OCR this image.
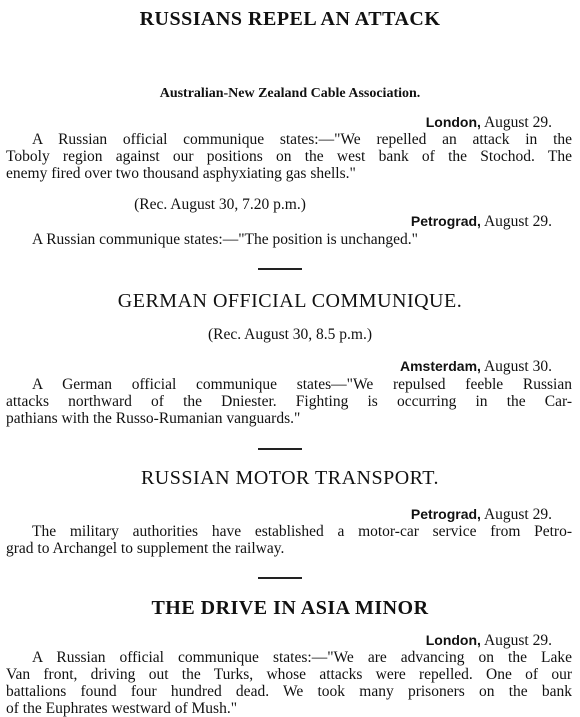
RUSSIANS REPEL AN ATTACK
Australian-New Zealand Cable Association.
London, August 29.
A Russian official communique states:—"We repelled an attack in the
Toboly region against our positions on the west bank of the Stochod. The
enemy fired over two thousand asphyxiating gas shells."
(Rec. August 30, 7.20 p.m.)
Petrograd, August 29.
A Russian communique states:—"The position is unchanged."
GERMAN OFFICIAL COMMUNIQUE.
(Rec. August 30, 8.5 p.m.)
Amsterdam, August 30.
A German official communique states—"We repulsed feeble Russian
attacks northward of the Dniester. Fighting is occurring in the Car-
pathians with the Russo-Rumanian vanguards."
RUSSIAN MOTOR TRANSPORT.
Petrograd, August 29.
The military authorities have established a motor-car service from Petro-
grad to Archangel to supplement the railway.
THE DRIVE IN ASIA MINOR
London, August 29.
A Russian official communique states:—"We are advancing on the Lake
Van front, driving out the Turks, whose attacks were repelled. One of our
battalions found four hundred dead. We took many prisoners on the bank
of the Euphrates westward of Mush."
